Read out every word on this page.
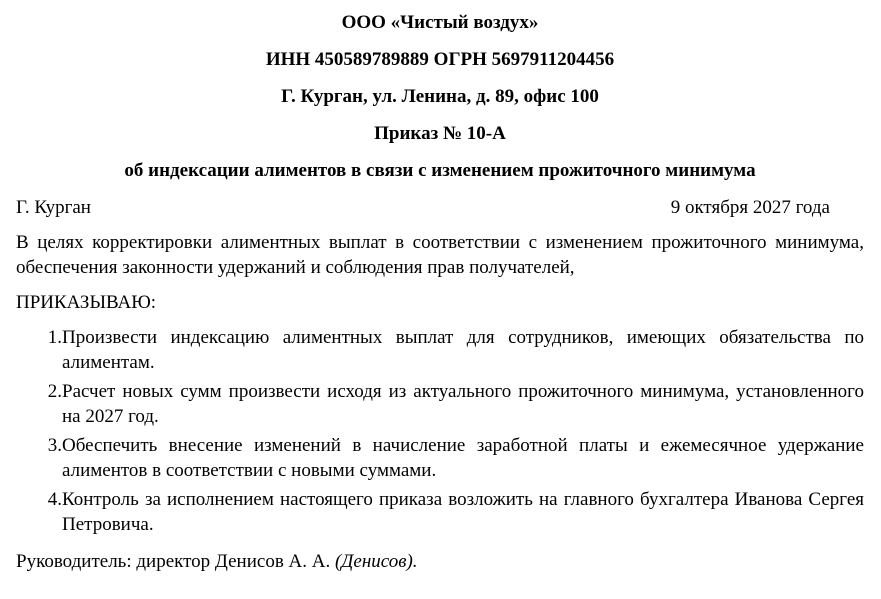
ООО «Чистый воздух»

ИНН 450589789889 ОГРН 5697911204456

Г. Курган, ул. Ленина, д. 89, офис 100

Приказ № 10-А

об индексации алиментов в связи с изменением прожиточного минимума

Г. Курган	9 октября 2027 года

В целях корректировки алиментных выплат в соответствии с изменением прожиточного минимума, обеспечения законности удержаний и соблюдения прав получателей,

ПРИКАЗЫВАЮ:

1. Произвести индексацию алиментных выплат для сотрудников, имеющих обязательства по алиментам.
2. Расчет новых сумм произвести исходя из актуального прожиточного минимума, установленного на 2027 год.
3. Обеспечить внесение изменений в начисление заработной платы и ежемесячное удержание алиментов в соответствии с новыми суммами.
4. Контроль за исполнением настоящего приказа возложить на главного бухгалтера Иванова Сергея Петровича.

Руководитель: директор Денисов А. А. (Денисов).
